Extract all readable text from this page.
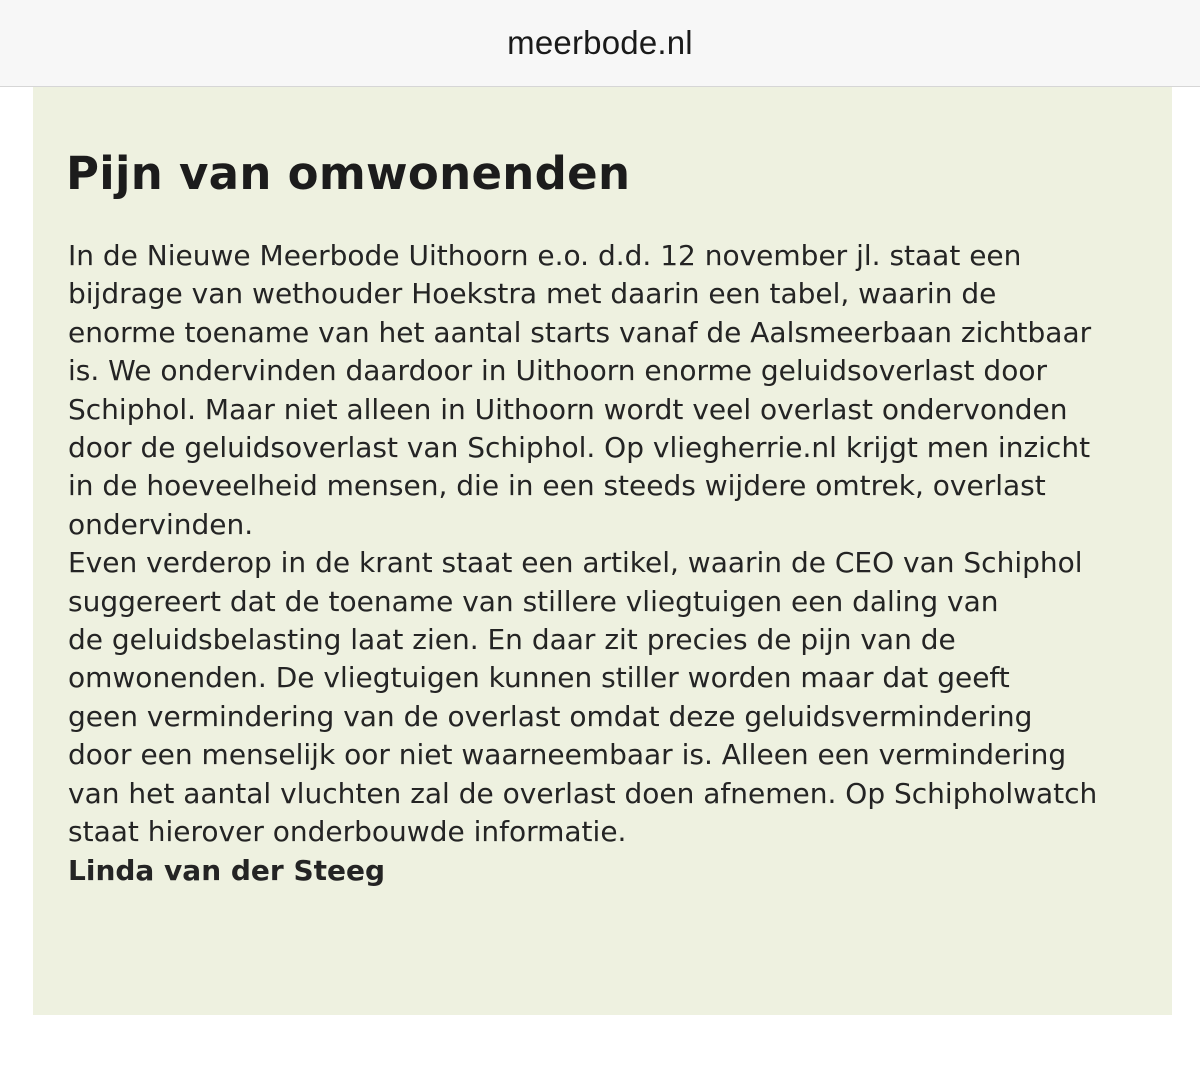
meerbode.nl
Pijn van omwonenden

In de Nieuwe Meerbode Uithoorn e.o. d.d. 12 november jl. staat een
bijdrage van wethouder Hoekstra met daarin een tabel, waarin de
enorme toename van het aantal starts vanaf de Aalsmeerbaan zichtbaar
is. We ondervinden daardoor in Uithoorn enorme geluidsoverlast door
Schiphol. Maar niet alleen in Uithoorn wordt veel overlast ondervonden
door de geluidsoverlast van Schiphol. Op vliegherrie.nl krijgt men inzicht
in de hoeveelheid mensen, die in een steeds wijdere omtrek, overlast
ondervinden.

Even verderop in de krant staat een artikel, waarin de CEO van Schiphol
suggereert dat de toename van stillere vliegtuigen een daling van
de geluidsbelasting laat zien. En daar zit precies de pijn van de
omwonenden. De vliegtuigen kunnen stiller worden maar dat geeft
geen vermindering van de overlast omdat deze geluidsvermindering
door een menselijk oor niet waarneembaar is. Alleen een vermindering
van het aantal vluchten zal de overlast doen afnemen. Op Schipholwatch
staat hierover onderbouwde informatie.

Linda van der Steeg
